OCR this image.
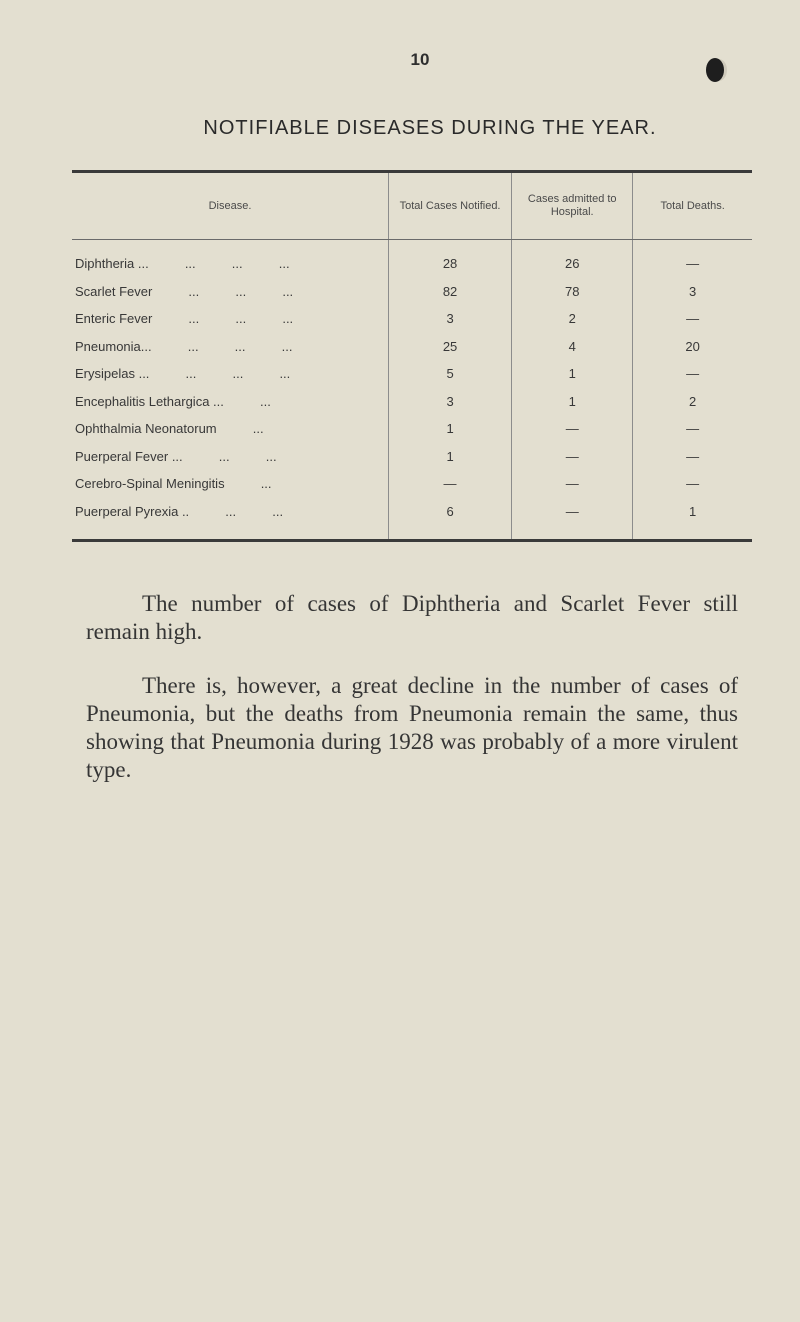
10
NOTIFIABLE DISEASES DURING THE YEAR.
Disease.	Total Cases Notified.	Cases admitted to Hospital.	Total Deaths.
Diphtheria ...          ...          ...          ...	28	26	—
Scarlet Fever          ...          ...          ...	82	78	3
Enteric Fever          ...          ...          ...	3	2	—
Pneumonia...          ...          ...          ...	25	4	20
Erysipelas ...          ...          ...          ...	5	1	—
Encephalitis Lethargica ...          ...	3	1	2
Ophthalmia Neonatorum          ...	1	—	—
Puerperal Fever ...          ...          ...	1	—	—
Cerebro-Spinal Meningitis          ...	—	—	—
Puerperal Pyrexia ..          ...          ...	6	—	1

The number of cases of Diphtheria and Scarlet Fever still remain high.

There is, however, a great decline in the number of cases of Pneumonia, but the deaths from Pneumonia remain the same, thus showing that Pneumonia during 1928 was probably of a more virulent type.
